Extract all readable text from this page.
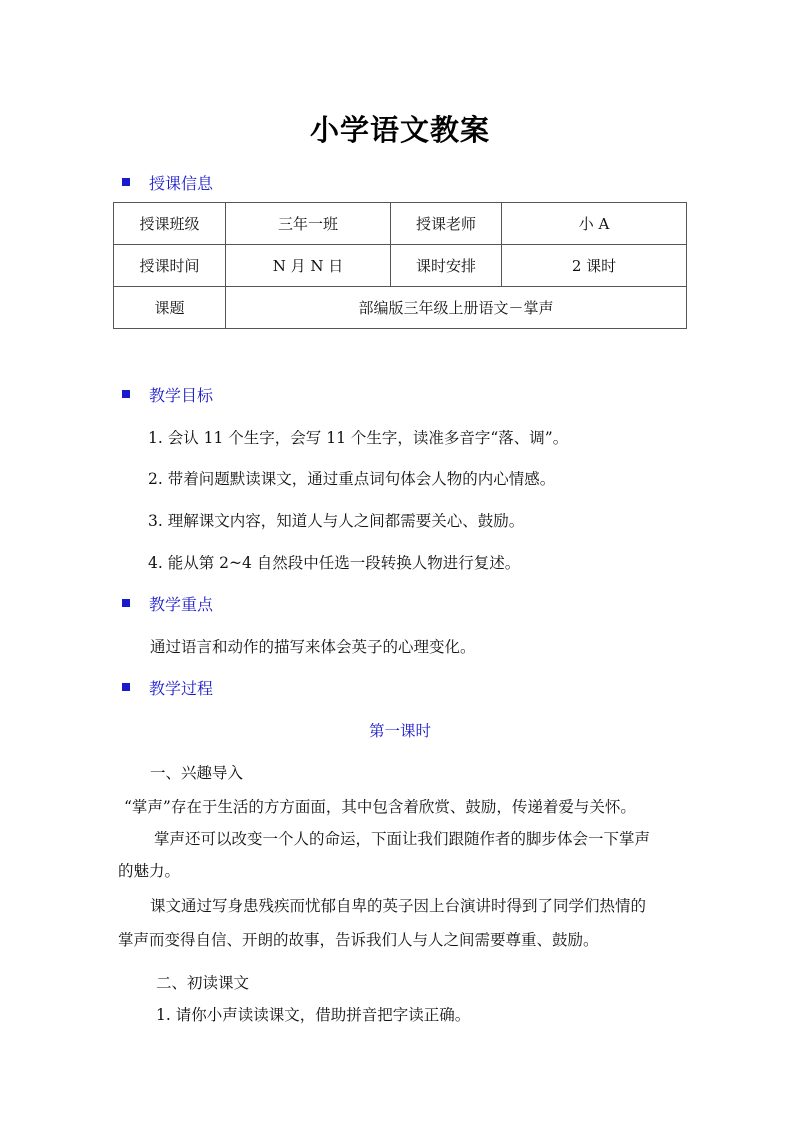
小学语文教案
授课信息
授课班级	三年一班	授课老师	小 A
授课时间	N 月 N 日	课时安排	2 课时
课题	部编版三年级上册语文－掌声		
教学目标
1. 会认 11 个生字，会写 11 个生字，读准多音字“落、调”。
2. 带着问题默读课文，通过重点词句体会人物的内心情感。
3. 理解课文内容，知道人与人之间都需要关心、鼓励。
4. 能从第 2~4 自然段中任选一段转换人物进行复述。
教学重点
通过语言和动作的描写来体会英子的心理变化。
教学过程
第一课时
一、兴趣导入
“掌声”存在于生活的方方面面，其中包含着欣赏、鼓励，传递着爱与关怀。
掌声还可以改变一个人的命运，下面让我们跟随作者的脚步体会一下掌声
的魅力。
课文通过写身患残疾而忧郁自卑的英子因上台演讲时得到了同学们热情的
掌声而变得自信、开朗的故事，告诉我们人与人之间需要尊重、鼓励。
二、初读课文
1. 请你小声读读课文，借助拼音把字读正确。
